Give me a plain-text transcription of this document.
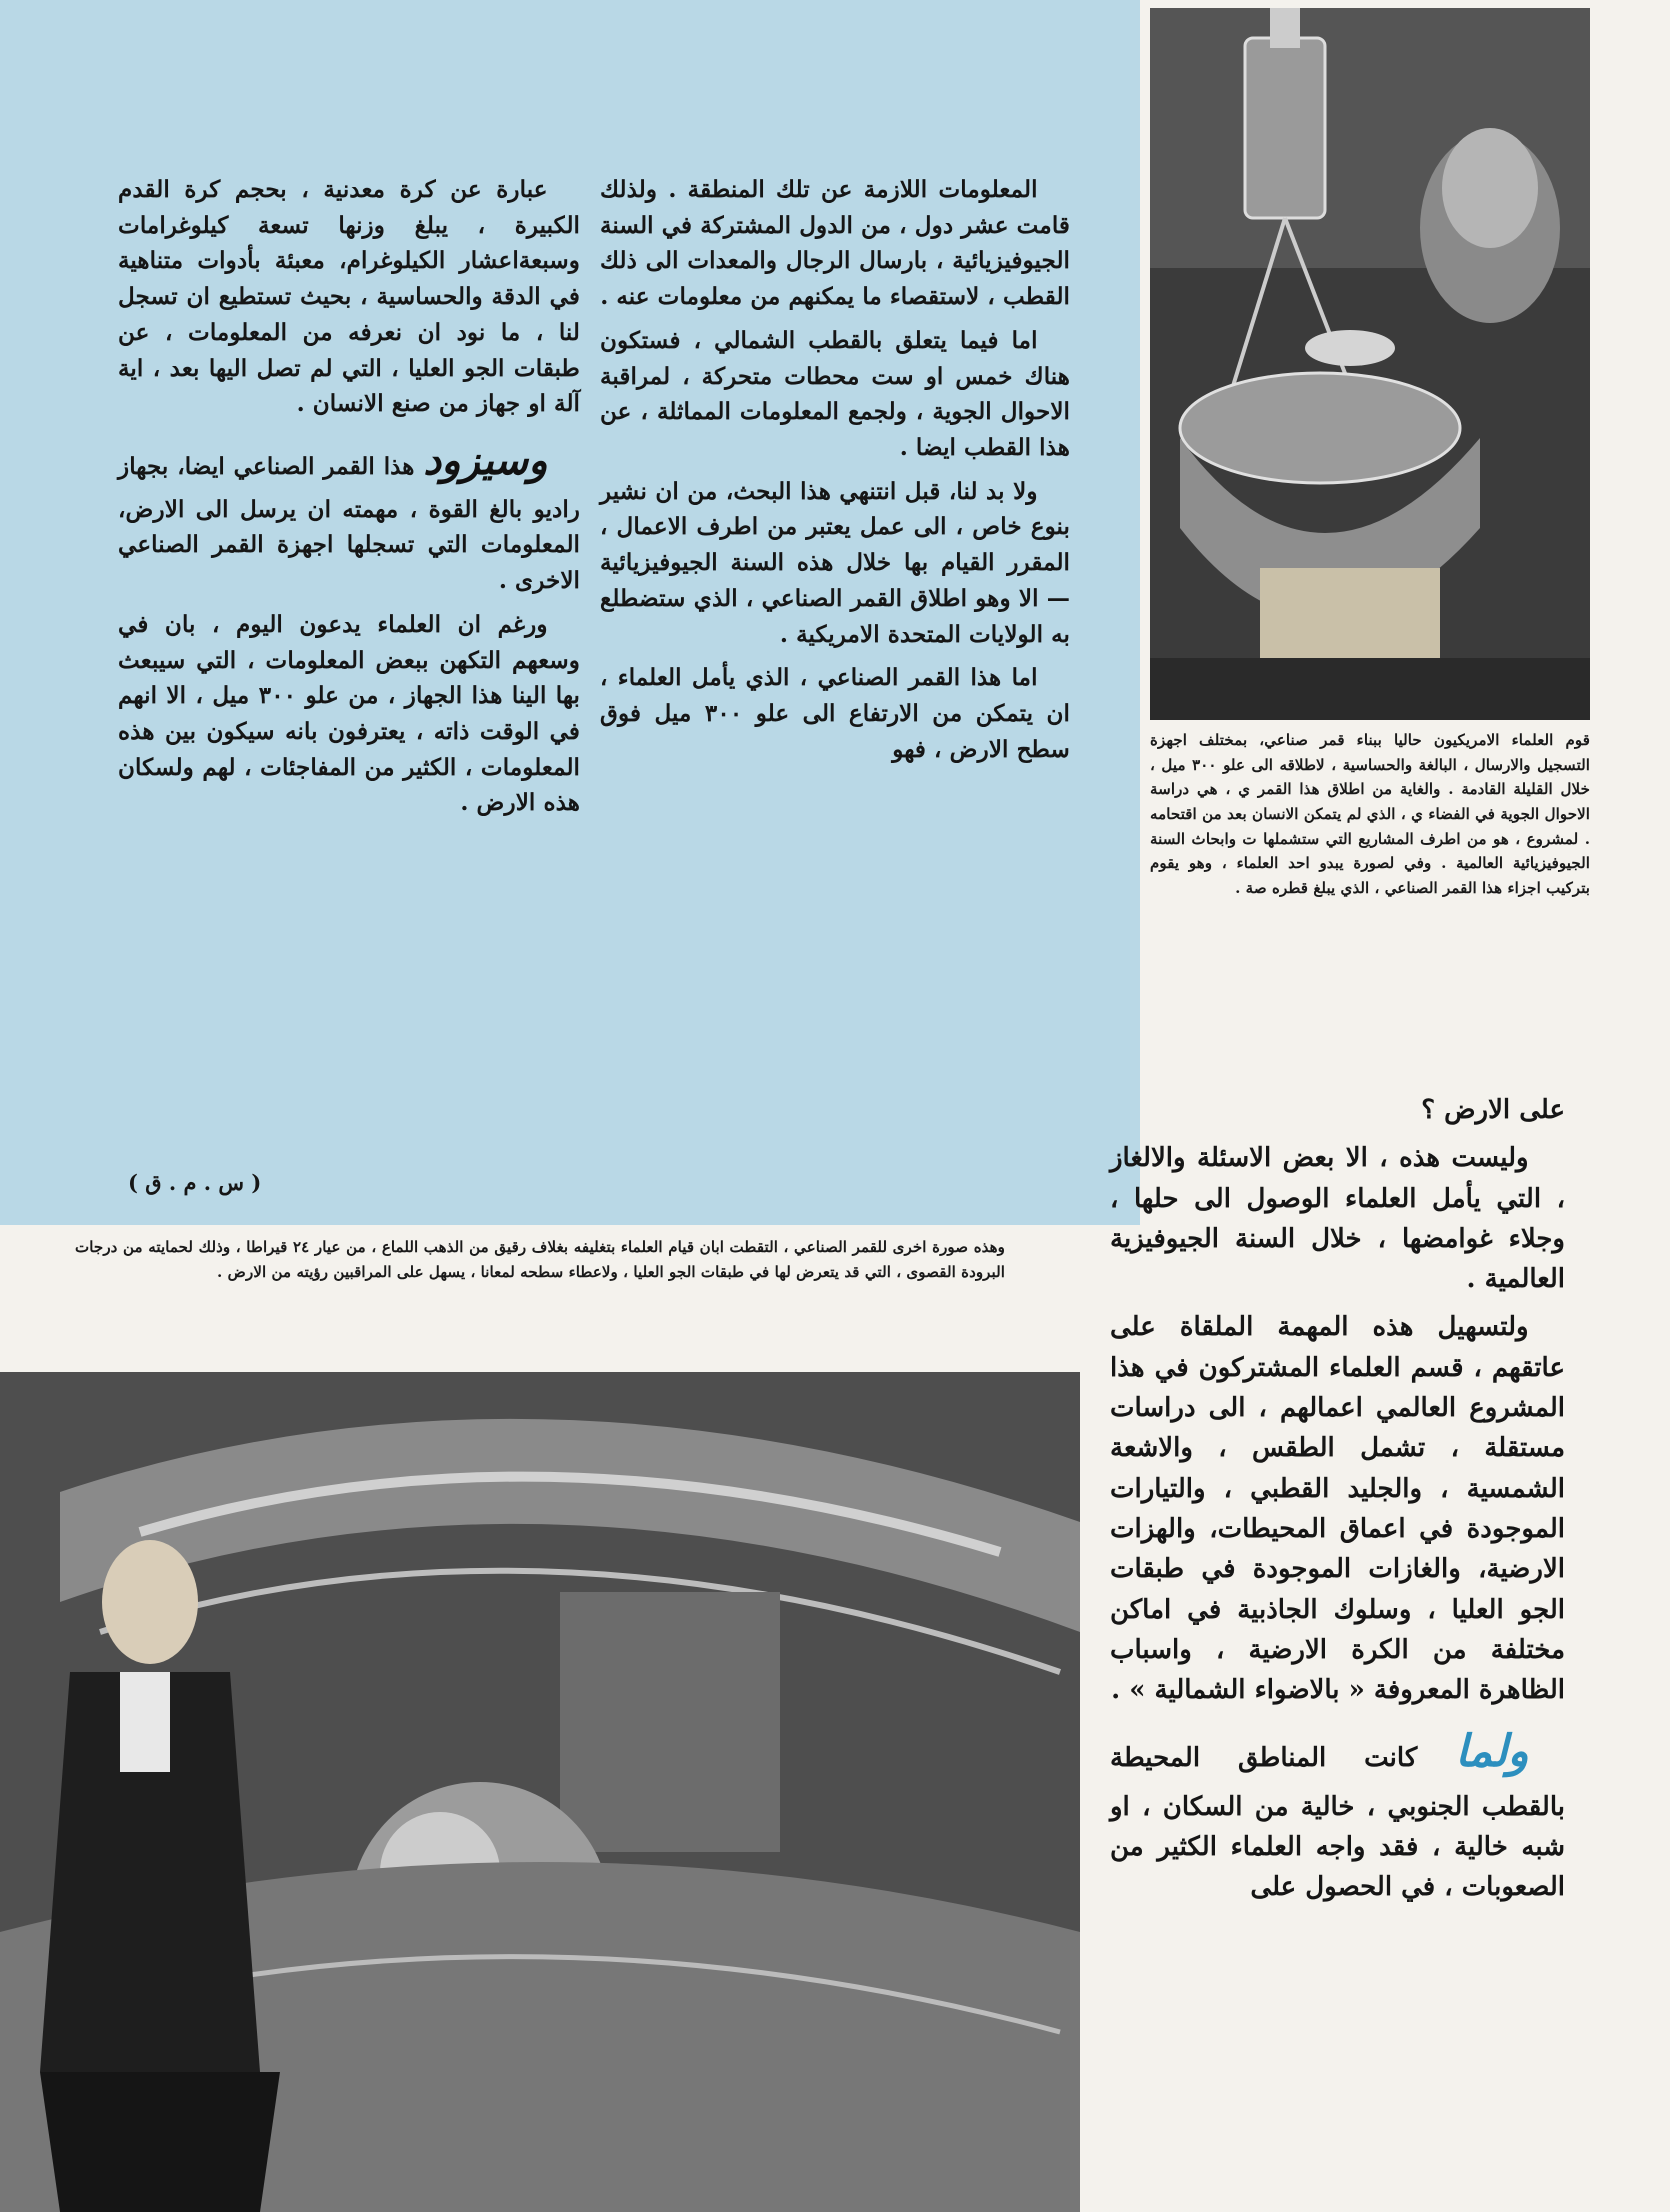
قوم العلماء الامريكيون حاليا ببناء قمر صناعي، بمختلف اجهزة التسجيل والارسال ، البالغة والحساسية ، لاطلاقه الى علو ٣٠٠ ميل ، خلال القليلة القادمة . والغاية من اطلاق هذا القمر ي ، هي دراسة الاحوال الجوية في الفضاء ي ، الذي لم يتمكن الانسان بعد من اقتحامه . لمشروع ، هو من اطرف المشاريع التي ستشملها ت وابحاث السنة الجيوفيزيائية العالمية . وفي لصورة يبدو احد العلماء ، وهو يقوم بتركيب اجزاء هذا القمر الصناعي ، الذي يبلغ قطره صة .

المعلومات اللازمة عن تلك المنطقة . ولذلك قامت عشر دول ، من الدول المشتركة في السنة الجيوفيزيائية ، بارسال الرجال والمعدات الى ذلك القطب ، لاستقصاء ما يمكنهم من معلومات عنه .

اما فيما يتعلق بالقطب الشمالي ، فستكون هناك خمس او ست محطات متحركة ، لمراقبة الاحوال الجوية ، ولجمع المعلومات المماثلة ، عن هذا القطب ايضا .

ولا بد لنا، قبل انتنهي هذا البحث، من ان نشير بنوع خاص ، الى عمل يعتبر من اطرف الاعمال ، المقرر القيام بها خلال هذه السنة الجيوفيزيائية — الا وهو اطلاق القمر الصناعي ، الذي ستضطلع به الولايات المتحدة الامريكية .

اما هذا القمر الصناعي ، الذي يأمل العلماء ، ان يتمكن من الارتفاع الى علو ٣٠٠ ميل فوق سطح الارض ، فهو

عبارة عن كرة معدنية ، بحجم كرة القدم الكبيرة ، يبلغ وزنها تسعة كيلوغرامات وسبعةاعشار الكيلوغرام، معبئة بأدوات متناهية في الدقة والحساسية ، بحيث تستطيع ان تسجل لنا ، ما نود ان نعرفه من المعلومات ، عن طبقات الجو العليا ، التي لم تصل اليها بعد ، اية آلة او جهاز من صنع الانسان .

وسيزود هذا القمر الصناعي ايضا، بجهاز راديو بالغ القوة ، مهمته ان يرسل الى الارض، المعلومات التي تسجلها اجهزة القمر الصناعي الاخرى .

ورغم ان العلماء يدعون اليوم ، بان في وسعهم التكهن ببعض المعلومات ، التي سيبعث بها الينا هذا الجهاز ، من علو ٣٠٠ ميل ، الا انهم في الوقت ذاته ، يعترفون بانه سيكون بين هذه المعلومات ، الكثير من المفاجئات ، لهم ولسكان هذه الارض .

( س . م . ق )
وهذه صورة اخرى للقمر الصناعي ، التقطت ابان قيام العلماء بتغليفه بغلاف رقيق من الذهب اللماع ، من عيار ٢٤ قيراطا ، وذلك لحمايته من درجات البرودة القصوى ، التي قد يتعرض لها في طبقات الجو العليا ، ولاعطاء سطحه لمعانا ، يسهل على المراقبين رؤيته من الارض .

على الارض ؟

وليست هذه ، الا بعض الاسئلة والالغاز ، التي يأمل العلماء الوصول الى حلها ، وجلاء غوامضها ، خلال السنة الجيوفيزية العالمية .

ولتسهيل هذه المهمة الملقاة على عاتقهم ، قسم العلماء المشتركون في هذا المشروع العالمي اعمالهم ، الى دراسات مستقلة ، تشمل الطقس ، والاشعة الشمسية ، والجليد القطبي ، والتيارات الموجودة في اعماق المحيطات، والهزات الارضية، والغازات الموجودة في طبقات الجو العليا ، وسلوك الجاذبية في اماكن مختلفة من الكرة الارضية ، واسباب الظاهرة المعروفة « بالاضواء الشمالية » .

ولما كانت المناطق المحيطة بالقطب الجنوبي ، خالية من السكان ، او شبه خالية ، فقد واجه العلماء الكثير من الصعوبات ، في الحصول على
